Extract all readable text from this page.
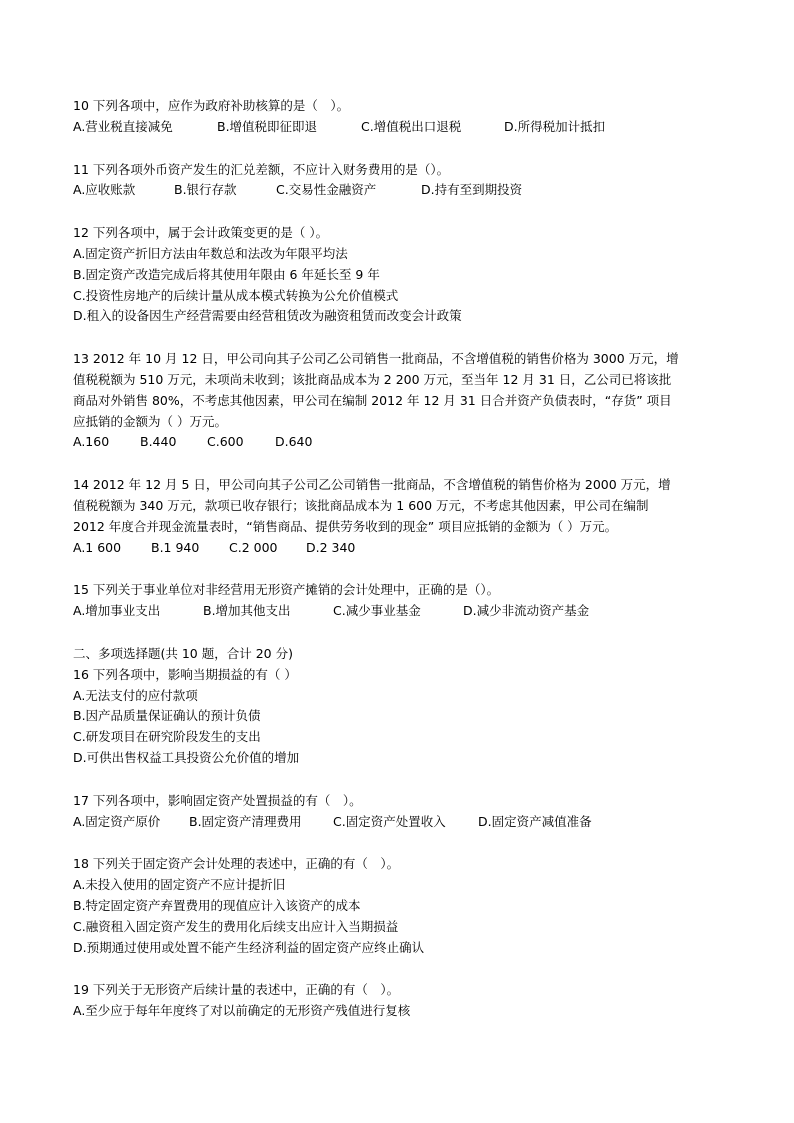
10 下列各项中，应作为政府补助核算的是（　）。
A.营业税直接减免	B.增值税即征即退	C.增值税出口退税	D.所得税加计抵扣
11 下列各项外币资产发生的汇兑差额，不应计入财务费用的是（）。
A.应收账款	B.银行存款	C.交易性金融资产	D.持有至到期投资
12 下列各项中，属于会计政策变更的是（ ）。
A.固定资产折旧方法由年数总和法改为年限平均法
B.固定资产改造完成后将其使用年限由 6 年延长至 9 年
C.投资性房地产的后续计量从成本模式转换为公允价值模式
D.租入的设备因生产经营需要由经营租赁改为融资租赁而改变会计政策
13 2012 年 10 月 12 日，甲公司向其子公司乙公司销售一批商品，不含增值税的销售价格为 3000 万元，增
值税税额为 510 万元，未项尚未收到；该批商品成本为 2 200 万元，至当年 12 月 31 日，乙公司已将该批
商品对外销售 80%，不考虑其他因素，甲公司在编制 2012 年 12 月 31 日合并资产负债表时，“存货” 项目
应抵销的金额为（ ）万元。
A.160	B.440	C.600	D.640
14 2012 年 12 月 5 日，甲公司向其子公司乙公司销售一批商品，不含增值税的销售价格为 2000 万元，增
值税税额为 340 万元，款项已收存银行；该批商品成本为 1 600 万元，不考虑其他因素，甲公司在编制
2012 年度合并现金流量表时，“销售商品、提供劳务收到的现金” 项目应抵销的金额为（ ）万元。
A.1 600	B.1 940	C.2 000	D.2 340
15 下列关于事业单位对非经营用无形资产摊销的会计处理中，正确的是（）。
A.增加事业支出	B.增加其他支出	C.减少事业基金	D.减少非流动资产基金
二、多项选择题(共 10 题，合计 20 分)
16 下列各项中，影响当期损益的有（ ）
A.无法支付的应付款项
B.因产品质量保证确认的预计负债
C.研发项目在研究阶段发生的支出
D.可供出售权益工具投资公允价值的增加
17 下列各项中，影响固定资产处置损益的有（　）。
A.固定资产原价	B.固定资产清理费用	C.固定资产处置收入	D.固定资产减值准备
18 下列关于固定资产会计处理的表述中，正确的有（　）。
A.未投入使用的固定资产不应计提折旧
B.特定固定资产弃置费用的现值应计入该资产的成本
C.融资租入固定资产发生的费用化后续支出应计入当期损益
D.预期通过使用或处置不能产生经济利益的固定资产应终止确认
19 下列关于无形资产后续计量的表述中，正确的有（　）。
A.至少应于每年年度终了对以前确定的无形资产残值进行复核
